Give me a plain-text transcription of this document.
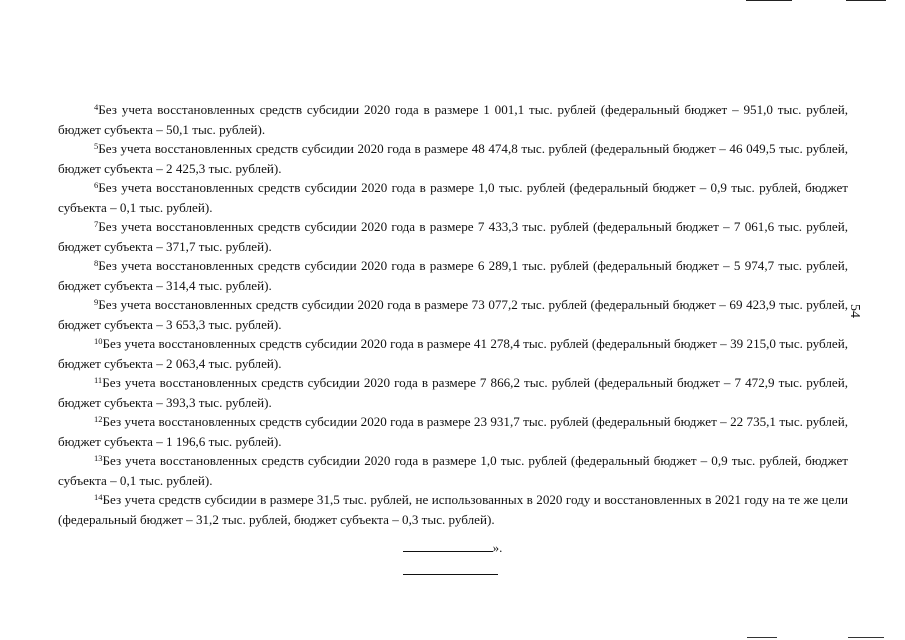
54

$^4$Без учета восстановленных средств субсидии 2020 года в размере 1 001,1 тыс. рублей (федеральный бюджет – 951,0 тыс. рублей, бюджет субъекта – 50,1 тыс. рублей).

$^5$Без учета восстановленных средств субсидии 2020 года в размере 48 474,8 тыс. рублей (федеральный бюджет – 46 049,5 тыс. рублей, бюджет субъекта – 2 425,3 тыс. рублей).

$^6$Без учета восстановленных средств субсидии 2020 года в размере 1,0 тыс. рублей (федеральный бюджет – 0,9 тыс. рублей, бюджет субъекта – 0,1 тыс. рублей).

$^7$Без учета восстановленных средств субсидии 2020 года в размере 7 433,3 тыс. рублей (федеральный бюджет – 7 061,6 тыс. рублей, бюджет субъекта – 371,7 тыс. рублей).

$^8$Без учета восстановленных средств субсидии 2020 года в размере 6 289,1 тыс. рублей (федеральный бюджет – 5 974,7 тыс. рублей, бюджет субъекта – 314,4 тыс. рублей).

$^9$Без учета восстановленных средств субсидии 2020 года в размере 73 077,2 тыс. рублей (федеральный бюджет – 69 423,9 тыс. рублей, бюджет субъекта – 3 653,3 тыс. рублей).

$^{10}$Без учета восстановленных средств субсидии 2020 года в размере 41 278,4 тыс. рублей (федеральный бюджет – 39 215,0 тыс. рублей, бюджет субъекта – 2 063,4 тыс. рублей).

$^{11}$Без учета восстановленных средств субсидии 2020 года в размере 7 866,2 тыс. рублей (федеральный бюджет – 7 472,9 тыс. рублей, бюджет субъекта – 393,3 тыс. рублей).

$^{12}$Без учета восстановленных средств субсидии 2020 года в размере 23 931,7 тыс. рублей (федеральный бюджет – 22 735,1 тыс. рублей, бюджет субъекта – 1 196,6 тыс. рублей).

$^{13}$Без учета восстановленных средств субсидии 2020 года в размере 1,0 тыс. рублей (федеральный бюджет – 0,9 тыс. рублей, бюджет субъекта – 0,1 тыс. рублей).

$^{14}$Без учета средств субсидии в размере 31,5 тыс. рублей, не использованных в 2020 году и восстановленных в 2021 году на те же цели (федеральный бюджет – 31,2 тыс. рублей, бюджет субъекта – 0,3 тыс. рублей).

».
